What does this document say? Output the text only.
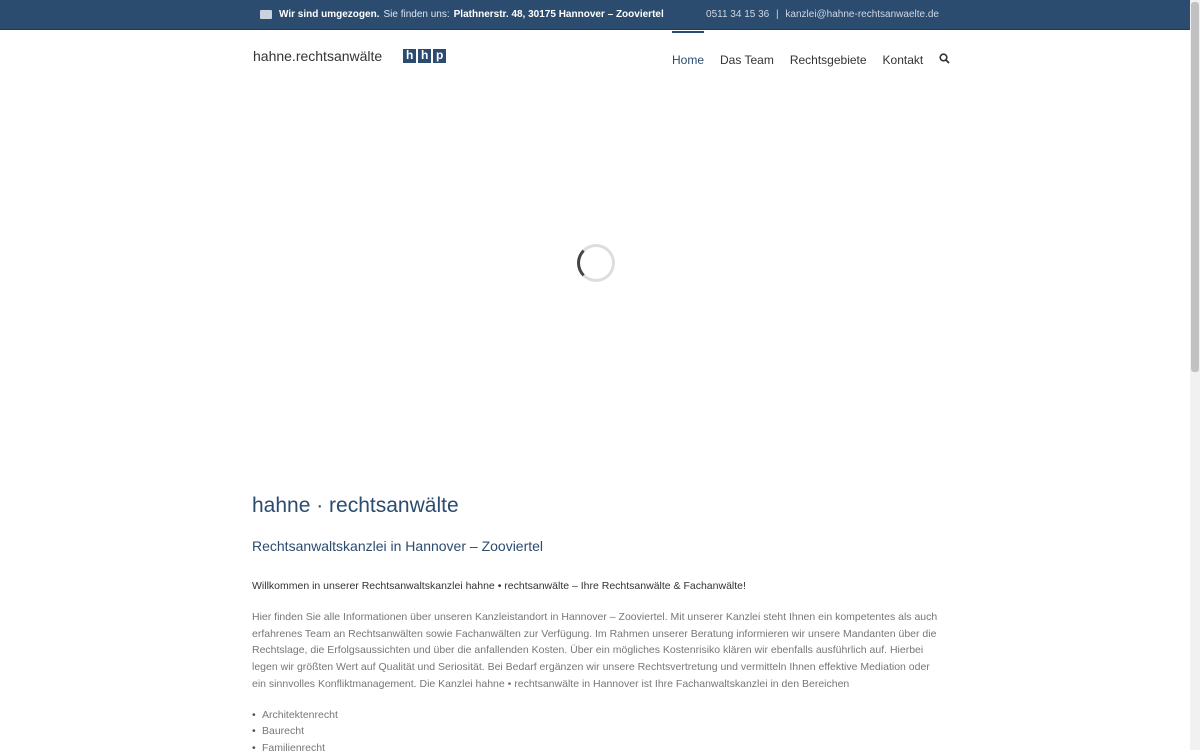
Wir sind umgezogen. Sie finden uns: Plathnerstr. 48, 30175 Hannover – Zooviertel	0511 34 15 36 | kanzlei@hahne-rechtsanwaelte.de
hahne.rechtsanwälte h h p	Home Das Team Rechtsgebiete Kontakt
hahne · rechtsanwälte
Rechtsanwaltskanzlei in Hannover – Zooviertel

Willkommen in unserer Rechtsanwaltskanzlei hahne • rechtsanwälte – Ihre Rechtsanwälte & Fachanwälte!

Hier finden Sie alle Informationen über unseren Kanzleistandort in Hannover – Zooviertel. Mit unserer Kanzlei steht Ihnen ein kompetentes als auch erfahrenes Team an Rechtsanwälten sowie Fachanwälten zur Verfügung. Im Rahmen unserer Beratung informieren wir unsere Mandanten über die Rechtslage, die Erfolgsaussichten und über die anfallenden Kosten. Über ein mögliches Kostenrisiko klären wir ebenfalls ausführlich auf. Hierbei legen wir größten Wert auf Qualität und Seriosität. Bei Bedarf ergänzen wir unsere Rechtsvertretung und vermitteln Ihnen effektive Mediation oder ein sinnvolles Konfliktmanagement. Die Kanzlei hahne • rechtsanwälte in Hannover ist Ihre Fachanwaltskanzlei in den Bereichen

• Architektenrecht
• Baurecht
• Familienrecht
